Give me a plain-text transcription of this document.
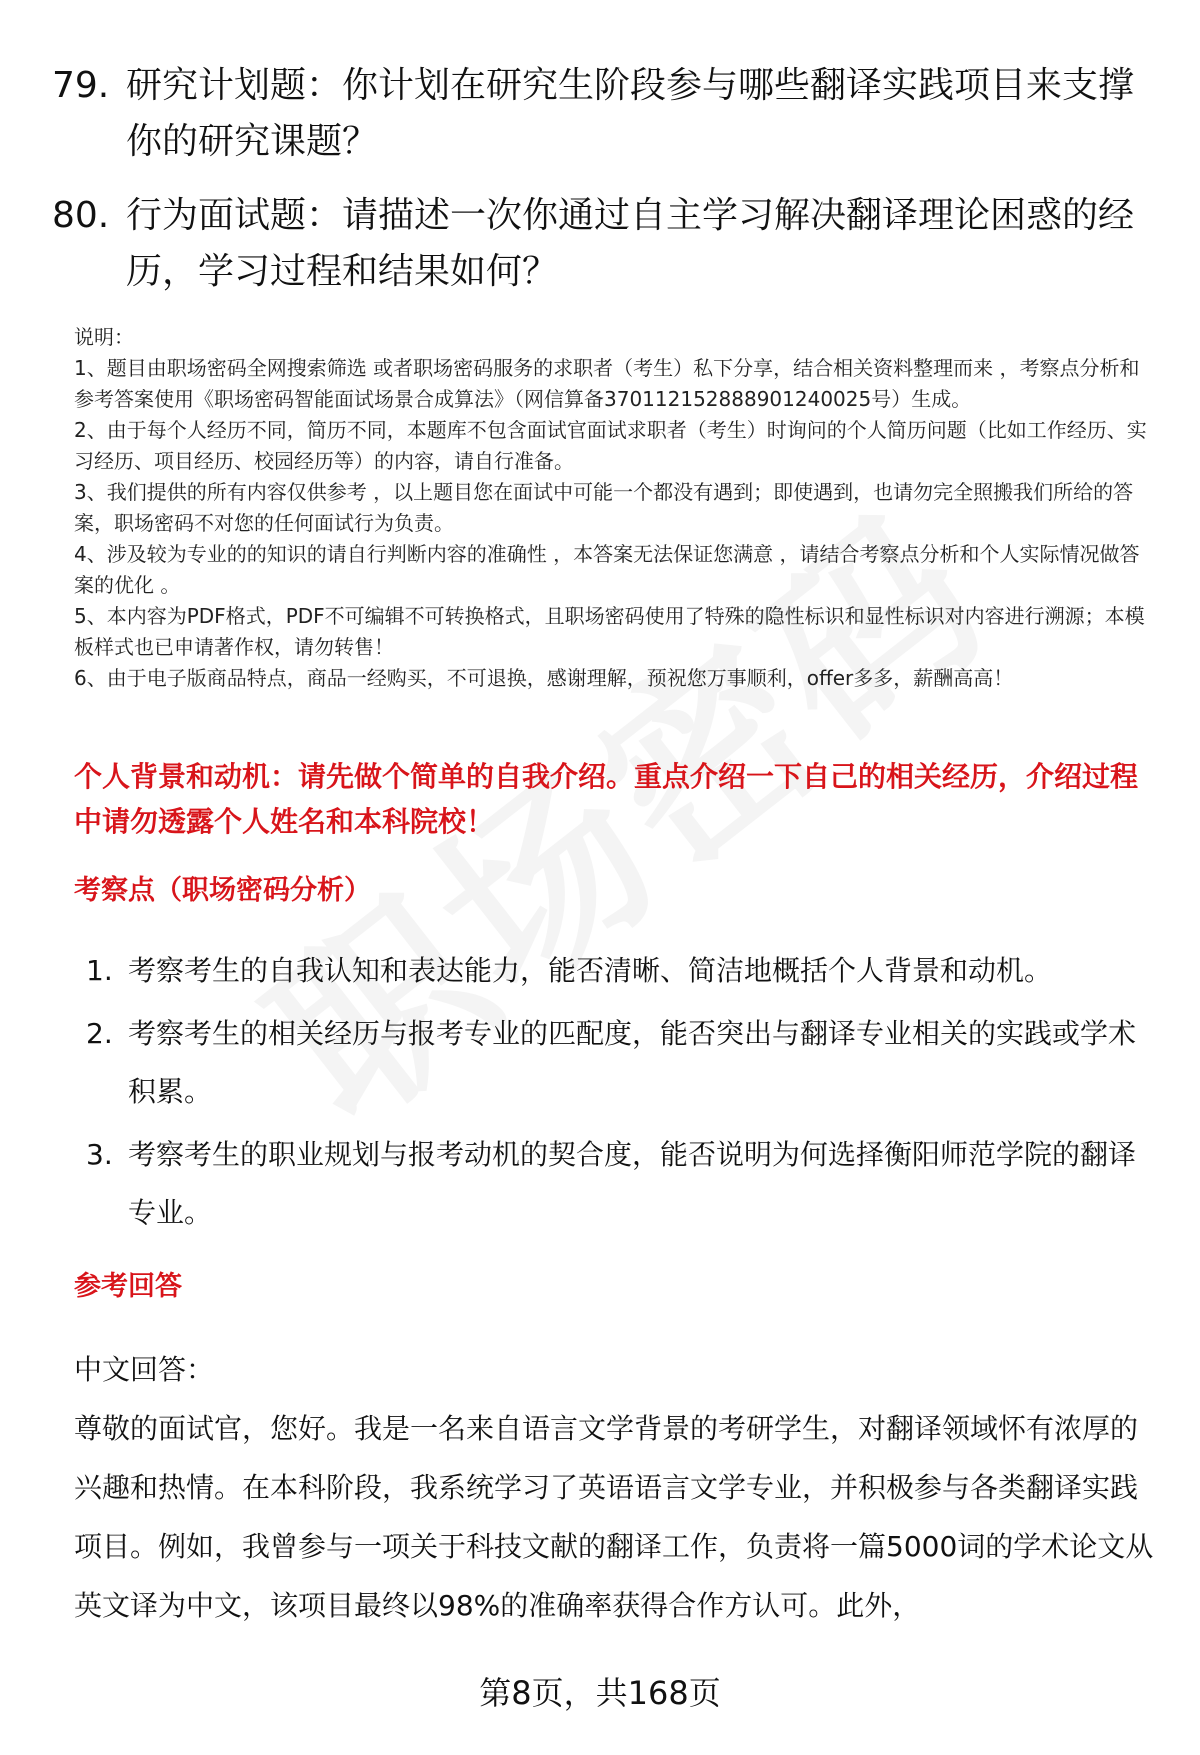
79. 研究计划题：你计划在研究生阶段参与哪些翻译实践项目来支撑你的研究课题？
80. 行为面试题：请描述一次你通过自主学习解决翻译理论困惑的经历，学习过程和结果如何？

说明：

1、题目由职场密码全网搜索筛选 或者职场密码服务的求职者（考生）私下分享，结合相关资料整理而来 ，考察点分析和参考答案使用《职场密码智能面试场景合成算法》（网信算备370112152888901240025号）生成。

2、由于每个人经历不同，简历不同，本题库不包含面试官面试求职者（考生）时询问的个人简历问题（比如工作经历、实习经历、项目经历、校园经历等）的内容，请自行准备。

3、我们提供的所有内容仅供参考 ，以上题目您在面试中可能一个都没有遇到；即使遇到，也请勿完全照搬我们所给的答案，职场密码不对您的任何面试行为负责。

4、涉及较为专业的的知识的请自行判断内容的准确性 ，本答案无法保证您满意 ，请结合考察点分析和个人实际情况做答案的优化 。

5、本内容为PDF格式，PDF不可编辑不可转换格式，且职场密码使用了特殊的隐性标识和显性标识对内容进行溯源；本模板样式也已申请著作权，请勿转售！

6、由于电子版商品特点，商品一经购买，不可退换，感谢理解，预祝您万事顺利，offer多多，薪酬高高！

个人背景和动机：请先做个简单的自我介绍。重点介绍一下自己的相关经历，介绍过程中请勿透露个人姓名和本科院校！
考察点（职场密码分析）
1. 考察考生的自我认知和表达能力，能否清晰、简洁地概括个人背景和动机。
2. 考察考生的相关经历与报考专业的匹配度，能否突出与翻译专业相关的实践或学术积累。
3. 考察考生的职业规划与报考动机的契合度，能否说明为何选择衡阳师范学院的翻译专业。
参考回答

中文回答：

尊敬的面试官，您好。我是一名来自语言文学背景的考研学生，对翻译领域怀有浓厚的兴趣和热情。在本科阶段，我系统学习了英语语言文学专业，并积极参与各类翻译实践项目。例如，我曾参与一项关于科技文献的翻译工作，负责将一篇5000词的学术论文从英文译为中文，该项目最终以98%的准确率获得合作方认可。此外，

第8页，共168页
